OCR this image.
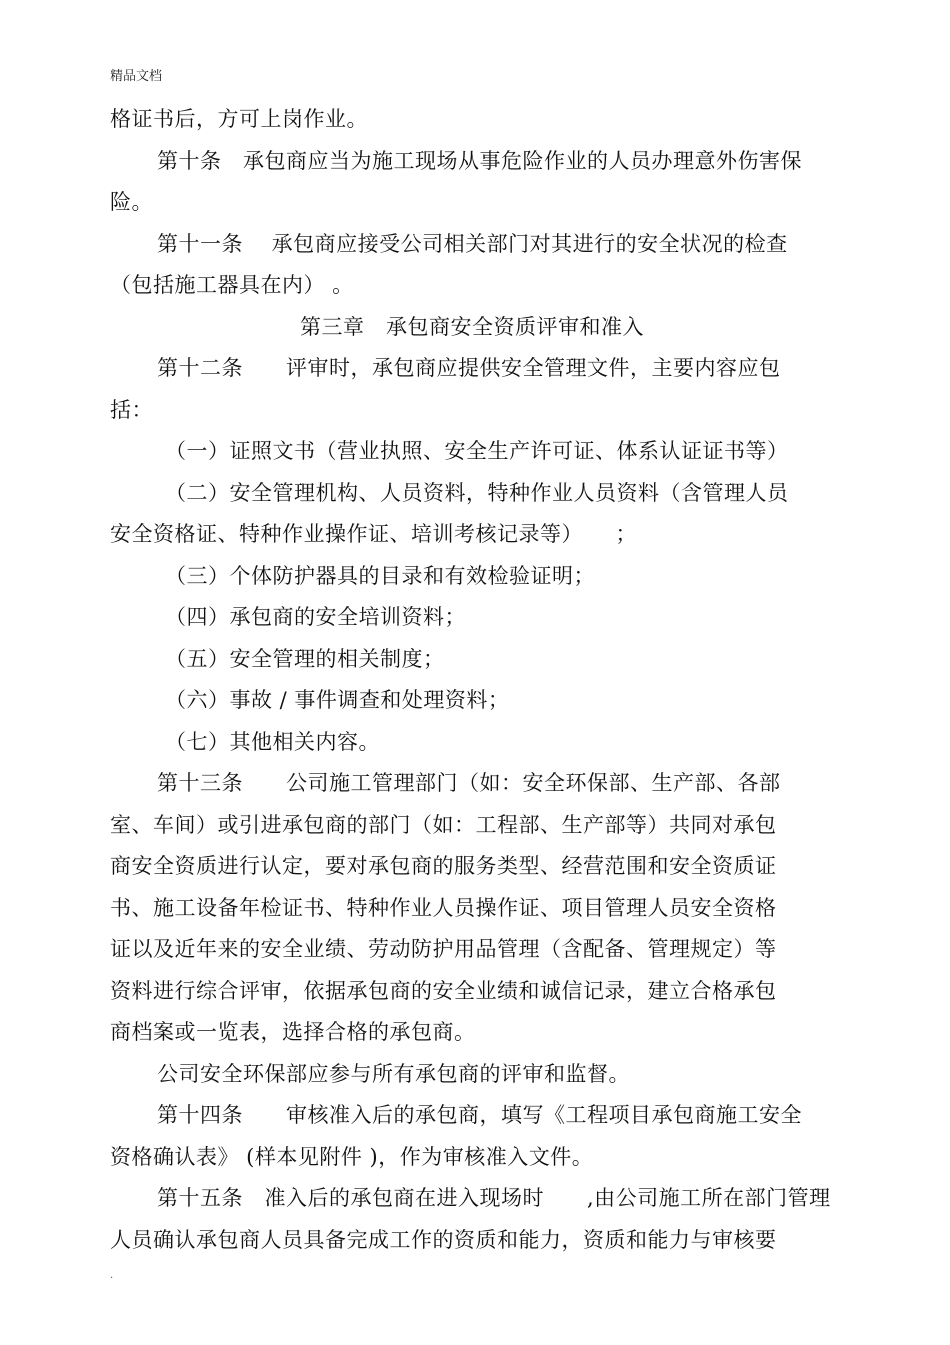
精品文档
格证书后，方可上岗作业。
第十条　承包商应当为施工现场从事危险作业的人员办理意外伤害保
险。
第十一条　 承包商应接受公司相关部门对其进行的安全状况的检查
（包括施工器具在内） 。
第三章　承包商安全资质评审和准入
第十二条　　评审时，承包商应提供安全管理文件，主要内容应包
括：
（一）证照文书（营业执照、安全生产许可证、体系认证证书等）
（二）安全管理机构、人员资料，特种作业人员资料（含管理人员
安全资格证、特种作业操作证、培训考核记录等）　　；
（三）个体防护器具的目录和有效检验证明；
（四）承包商的安全培训资料；
（五）安全管理的相关制度；
（六）事故 / 事件调查和处理资料；
（七）其他相关内容。
第十三条　　公司施工管理部门（如：安全环保部、生产部、各部
室、车间）或引进承包商的部门（如：工程部、生产部等）共同对承包
商安全资质进行认定，要对承包商的服务类型、经营范围和安全资质证
书、施工设备年检证书、特种作业人员操作证、项目管理人员安全资格
证以及近年来的安全业绩、劳动防护用品管理（含配备、管理规定）等
资料进行综合评审，依据承包商的安全业绩和诚信记录，建立合格承包
商档案或一览表，选择合格的承包商。
公司安全环保部应参与所有承包商的评审和监督。
第十四条　　审核准入后的承包商，填写《工程项目承包商施工安全
资格确认表》 (样本见附件 )，作为审核准入文件。
第十五条　准入后的承包商在进入现场时　　,由公司施工所在部门管理
人员确认承包商人员具备完成工作的资质和能力，资质和能力与审核要
.
